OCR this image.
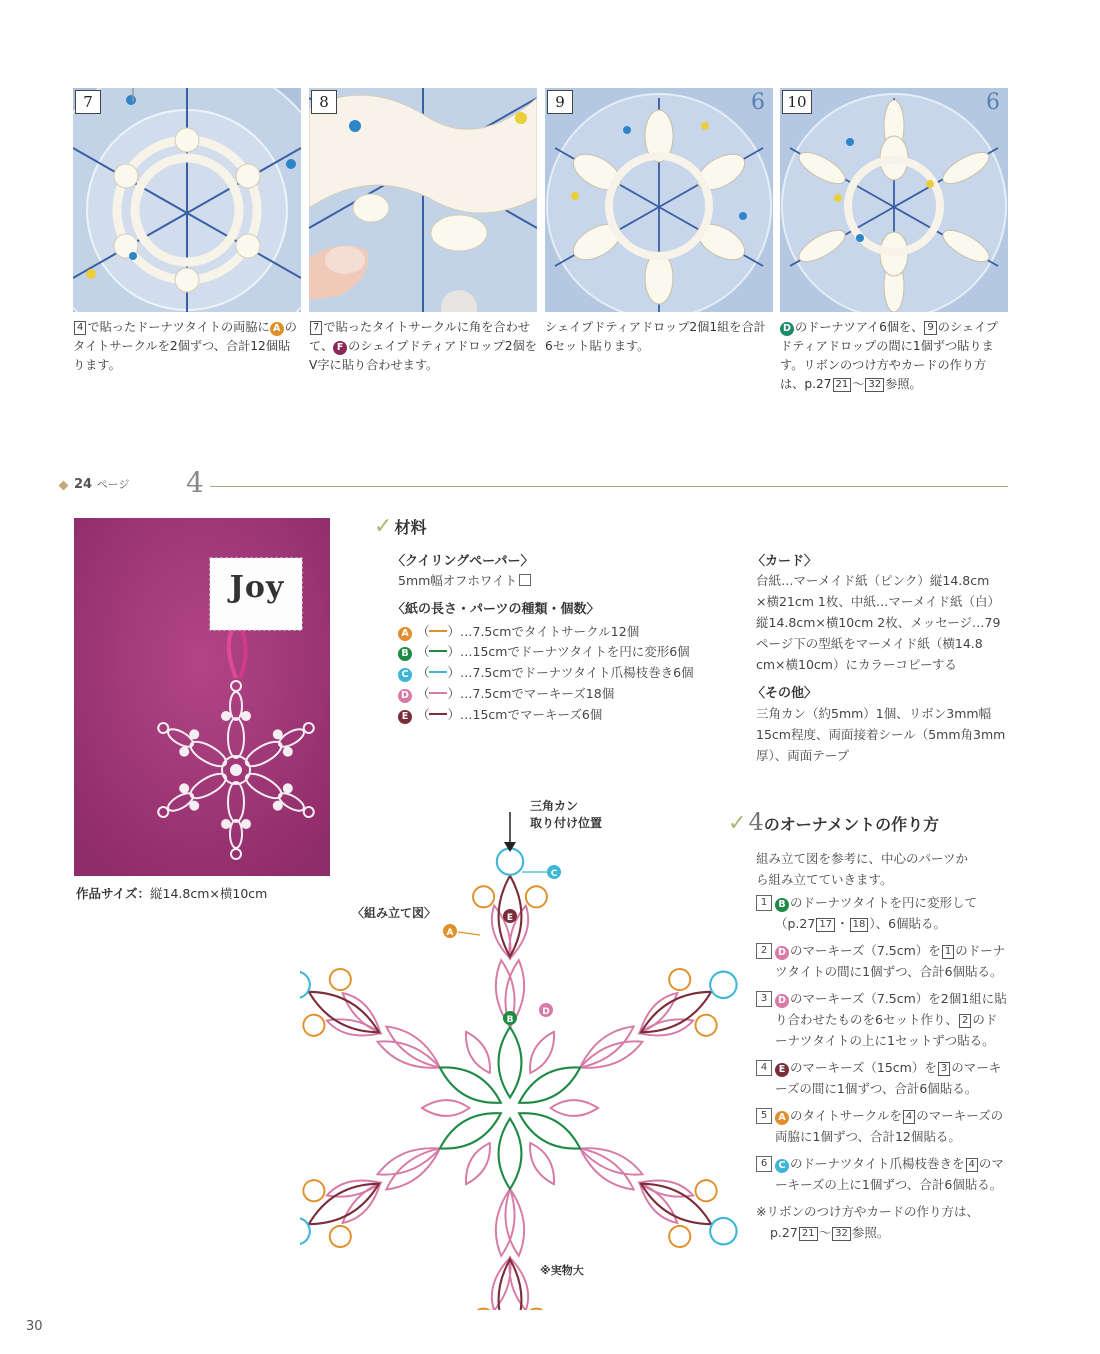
7	8	9	6	10	6
4 で貼ったドーナツタイトの両脇に A のタイトサークルを2個ずつ、合計12個貼ります。
7 で貼ったタイトサークルに角を合わせて、 F のシェイプドティアドロップ2個をV字に貼り合わせます。
シェイプドティアドロップ2個1組を合計6セット貼ります。
D のドーナツアイ6個を、 9 のシェイプドティアドロップの間に1個ずつ貼ります。リボンのつけ方やカードの作り方は、p.27 21 〜 32 参照。
24 ページ 4
Joy
作品サイズ：縦14.8cm×横10cm
✓ 材料
〈クイリングペーパー〉
5mm幅オフホワイト
〈紙の長さ・パーツの種類・個数〉
A （ ）…7.5cmでタイトサークル12個
B （ ）…15cmでドーナツタイトを円に変形6個
C （ ）…7.5cmでドーナツタイト爪楊枝巻き6個
D （ ）…7.5cmでマーキーズ18個
E （ ）…15cmでマーキーズ6個
〈カード〉
台紙…マーメイド紙（ピンク）縦14.8cm
×横21cm 1枚、中紙…マーメイド紙（白）
縦14.8cm×横10cm 2枚、メッセージ…79
ページ下の型紙をマーメイド紙（横14.8
cm×横10cm）にカラーコピーする
〈その他〉
三角カン（約5mm）1個、リボン3mm幅
15cm程度、両面接着シール（5mm角3mm
厚）、両面テープ
三角カン
取り付け位置
〈組み立て図〉
※実物大
C
A
E
B
D
✓4のオーナメントの作り方
組み立て図を参考に、中心のパーツか
ら組み立てていきます。
1	B のドーナツタイトを円に変形して（p.27 17 ・ 18 ）、6個貼る。
2	D のマーキーズ（7.5cm）を 1 のドーナツタイトの間に1個ずつ、合計6個貼る。
3	D のマーキーズ（7.5cm）を2個1組に貼り合わせたものを6セット作り、 2 のドーナツタイトの上に1セットずつ貼る。
4	E のマーキーズ（15cm）を 3 のマーキーズの間に1個ずつ、合計6個貼る。
5	A のタイトサークルを 4 のマーキーズの両脇に1個ずつ、合計12個貼る。
6	C のドーナツタイト爪楊枝巻きを 4 のマーキーズの上に1個ずつ、合計6個貼る。
※リボンのつけ方やカードの作り方は、
p.27 21 〜 32 参照。
30
